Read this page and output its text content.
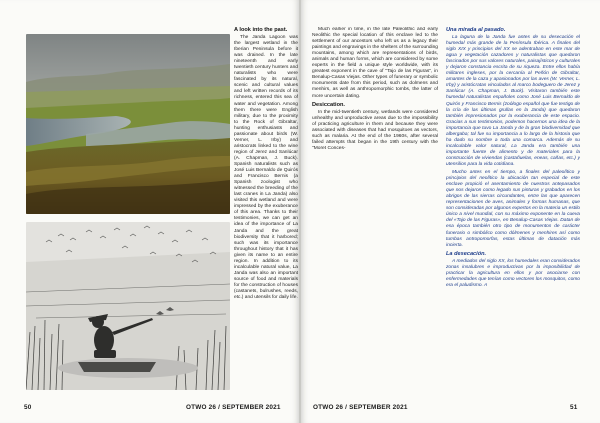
A look into the past.

The Janda Lagoon was the largest wetland in the Iberian Peninsula before it was drained. In the late nineteenth and early twentieth century hunters and naturalists who were fascinated by its natural, scenic and cultural values and left written records of its richness, entered this sea of water and vegetation. Among them there were English military, due to the proximity to the Rock of Gibraltar, hunting enthusiasts and passionate about birds (W. Verner, L. Irby) and aristocrats linked to the wine region of Jerez and Sanlúcar (A. Chapman, J. Buck). Spanish naturalists such as José Luis Bernaldo de Quirós and Francisco Bernis (a Spanish zoologist who witnessed the breeding of the last cranes in La Janda) also visited this wetland and were impressed by the exuberance of this area. Thanks to their testimonies, we can get an idea of the importance of La Janda and the great biodiversity that it harbored; such was its importance throughout history that it has given its name to an entire region. In addition to its incalculable natural value, La Janda was also an important source of food and materials for the construction of houses (castanets, bulrushes, reeds, etc.) and utensils for daily life.

50	OTWO 26 / SEPTEMBER 2021	OTWO 26 / SEPTEMBER 2021	51

Much earlier in time, in the late Paleolithic and early Neolithic the special location of this enclave led to the settlement of our ancestors who left us as a legacy their paintings and engravings in the shelters of the surrounding mountains, among which are representations of birds, animals and human forms, which are considered by some experts in the field a unique style worldwide, with its greatest exponent in the cave of "Tajo de las Figuras", in Benalup-Casas Viejas. Other types of funerary or symbolic monuments date from this period, such as dolmens and menhirs, as well as anthropomorphic tombs, the latter of more uncertain dating.

Desiccation.

In the mid-twentieth century, wetlands were considered unhealthy and unproductive areas due to the impossibility of practicing agriculture in them and because they were associated with diseases that had mosquitoes as vectors, such as malaria. At the end of the 1960s, after several failed attempts that began in the 19th century with the "Moret Conces-

Una mirada al pasado.

La laguna de la Janda fue antes de su desecación el humedal más grande de la Península Ibérica. A finales del siglo XIX y principios del XX se adentraban en este mar de agua y vegetación cazadores y naturalistas que quedaron fascinados por sus valores naturales, paisajísticos y culturales y dejaron constancia escrita de su riqueza. Entre ellos había militares ingleses, por la cercanía al Peñón de Gibraltar, amantes de la caza y apasionados por las aves (W. Verner, L. Irby) y aristócratas vinculados al marco bodeguero de Jerez y Sanlúcar (A. Chapman, J. Buck). Visitaron también este humedal naturalistas españoles como José Luis Bernaldo de Quirós y Francisco Bernis (zoólogo español que fue testigo de la cría de las últimas grullas en la Janda) que quedaron también impresionados por la exuberancia de este espacio. Gracias a sus testimonios, podemos hacernos una idea de la importancia que tuvo La Janda y de la gran biodiversidad que albergaba; tal fue su importancia a lo largo de la historia que ha dado su nombre a toda una comarca. Además de su incalculable valor natural, La Janda era también una importante fuente de alimento y de materiales para la construcción de viviendas (castañuelas, eneas, cañas, etc.) y utensilios para la vida cotidiana.

Mucho antes en el tiempo, a finales del paleolítico y principios del neolítico la ubicación tan especial de este enclave propició el asentamiento de nuestros antepasados que nos dejaron como legado sus pinturas y grabados en los abrigos de las sierras circundantes, entre las que aparecen representaciones de aves, animales y formas humanas, que son consideradas por algunos expertos en la materia un estilo único a nivel mundial, con su máximo exponente en la cueva del «Tajo de las Figuras», en Benalup-Casas Viejas. Datan de esa época también otro tipo de monumentos de carácter funerario o simbólico como dólmenes y menhires así como tumbas antropomorfas, estas últimas de datación más incierta.

La desecación.

A mediados del siglo XX, los humedales eran considerados zonas insalubres e improductivas por la imposibilidad de practicar la agricultura en ellos y por asociarse con enfermedades que tenían como vectores los mosquitos, como era el paludismo. A
